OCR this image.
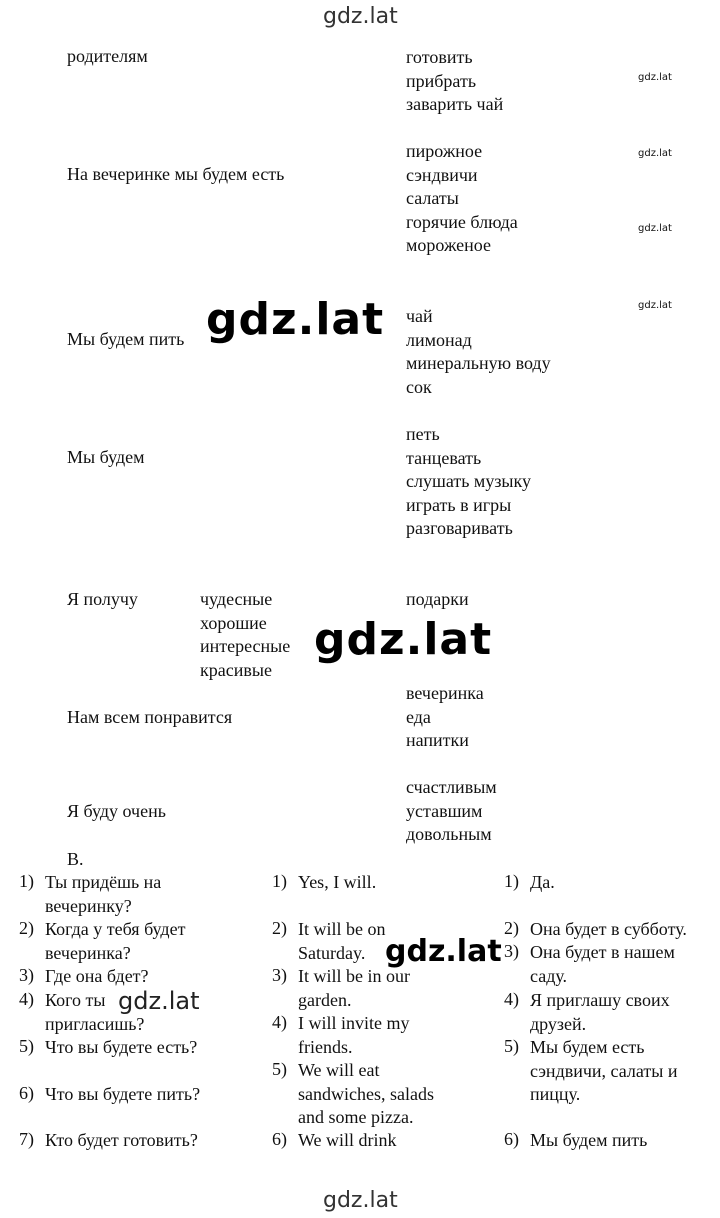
gdz.lat
gdz.lat
gdz.lat
gdz.lat
gdz.lat
gdz.lat
gdz.lat
gdz.lat
gdz.lat
gdz.lat
родителям	готовить
прибрать
заварить чай
На вечеринке мы будем есть
пирожное
сэндвичи
салаты
горячие блюда
мороженое
Мы будем пить
чай
лимонад
минеральную воду
сок
Мы будем
петь
танцевать
слушать музыку
играть в игры
разговаривать
Я получу	чудесные
хорошие
интересные
красивые
подарки
Нам всем понравится
вечеринка
еда
напитки
Я буду очень
счастливым
уставшим
довольным
B.
1) Ты придёшь на
вечеринку?
2) Когда у тебя будет
вечеринка?
3) Где она бдет?
4) Кого ты
пригласишь?
5) Что вы будете есть?
6) Что вы будете пить?
7) Кто будет готовить?
1) Yes, I will.
2) It will be on
Saturday.
3) It will be in our
garden.
4) I will invite my
friends.
5) We will eat
sandwiches, salads
and some pizza.
6) We will drink
1) Да.
2) Она будет в субботу.
3) Она будет в нашем
саду.
4) Я приглашу своих
друзей.
5) Мы будем есть
сэндвичи, салаты и
пиццу.
6) Мы будем пить
